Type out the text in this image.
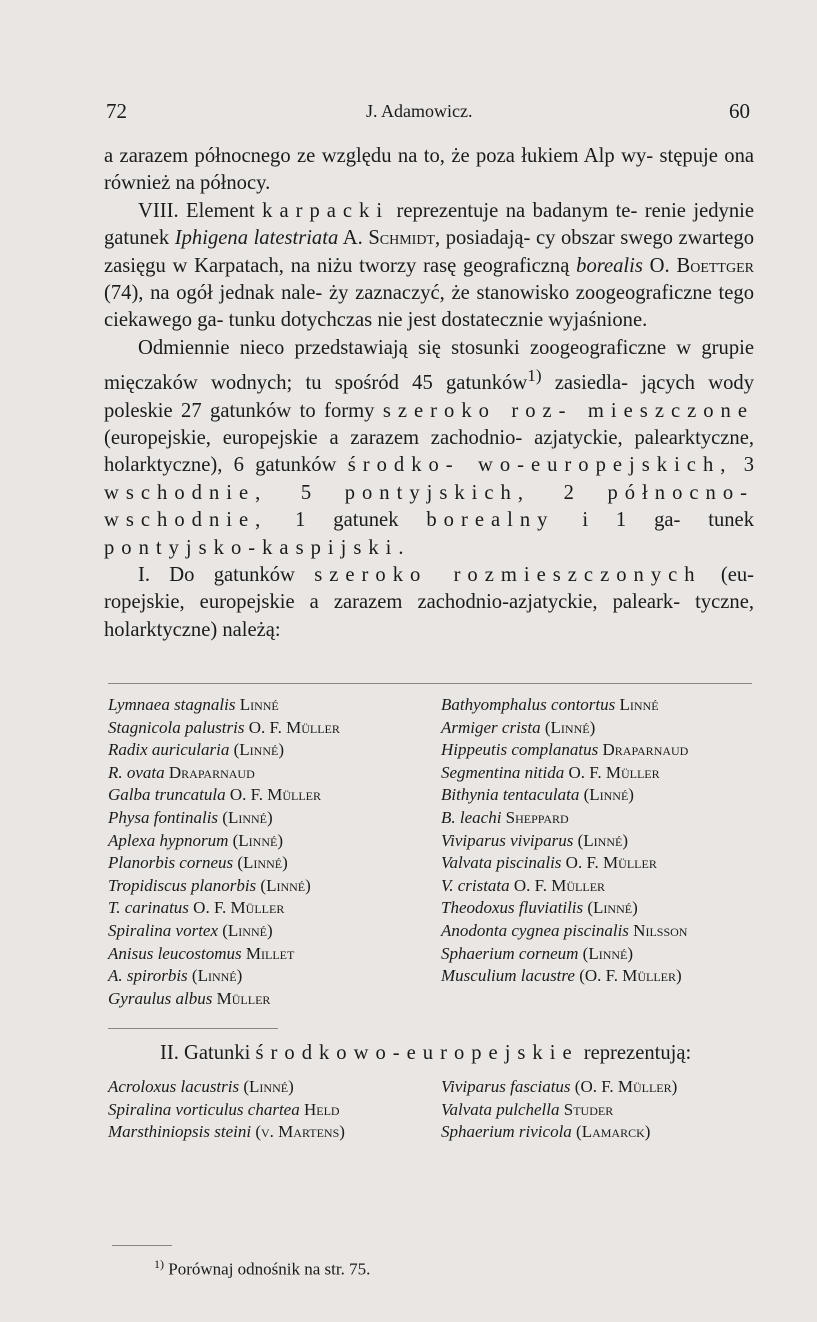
72	J. Adamowicz.	60

a zarazem północnego ze względu na to, że poza łukiem Alp wy- stępuje ona również na północy.

VIII. Element karpacki reprezentuje na badanym te- renie jedynie gatunek Iphigena latestriata A. Schmidt, posiadają- cy obszar swego zwartego zasięgu w Karpatach, na niżu tworzy rasę geograficzną borealis O. Boettger (74), na ogół jednak nale- ży zaznaczyć, że stanowisko zoogeograficzne tego ciekawego ga- tunku dotychczas nie jest dostatecznie wyjaśnione.

Odmiennie nieco przedstawiają się stosunki zoogeograficzne w grupie mięczaków wodnych; tu spośród 45 gatunków$^{1)}$ zasiedla- jących wody poleskie 27 gatunków to formy szeroko roz- mieszczone (europejskie, europejskie a zarazem zachodnio- azjatyckie, palearktyczne, holarktyczne), 6 gatunków środko- wo-europejskich, 3 wschodnie, 5 pontyjskich, 2 północno-wschodnie, 1 gatunek borealny i 1 ga- tunek pontyjsko-kaspijski.

I. Do gatunków szeroko rozmieszczonych (eu- ropejskie, europejskie a zarazem zachodnio-azjatyckie, paleark- tyczne, holarktyczne) należą:

Lymnaea stagnalis Linné
Stagnicola palustris O. F. Müller
Radix auricularia (Linné)
R. ovata Draparnaud
Galba truncatula O. F. Müller
Physa fontinalis (Linné)
Aplexa hypnorum (Linné)
Planorbis corneus (Linné)
Tropidiscus planorbis (Linné)
T. carinatus O. F. Müller
Spiralina vortex (Linné)
Anisus leucostomus Millet
A. spirorbis (Linné)
Gyraulus albus Müller
Bathyomphalus contortus Linné
Armiger crista (Linné)
Hippeutis complanatus Draparnaud
Segmentina nitida O. F. Müller
Bithynia tentaculata (Linné)
B. leachi Sheppard
Viviparus viviparus (Linné)
Valvata piscinalis O. F. Müller
V. cristata O. F. Müller
Theodoxus fluviatilis (Linné)
Anodonta cygnea piscinalis Nilsson
Sphaerium corneum (Linné)
Musculium lacustre (O. F. Müller)
II. Gatunki środkowo-europejskie reprezentują:
Acroloxus lacustris (Linné)
Spiralina vorticulus chartea Held
Marsthiniopsis steini (v. Martens)
Viviparus fasciatus (O. F. Müller)
Valvata pulchella Studer
Sphaerium rivicola (Lamarck)
$^{1)}$ Porównaj odnośnik na str. 75.
